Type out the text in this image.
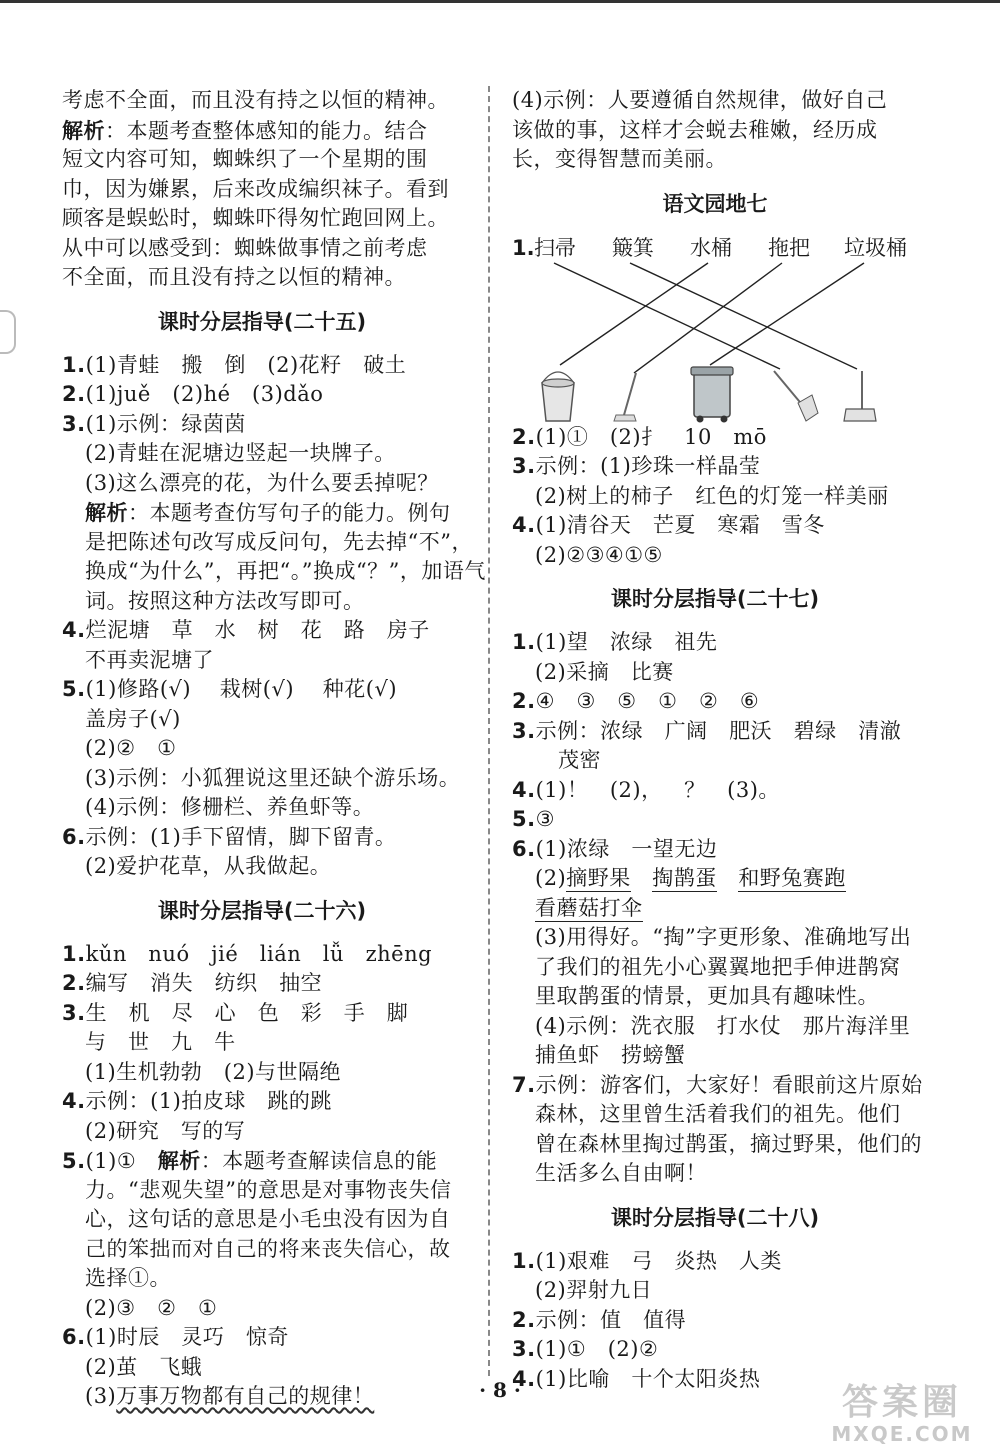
考虑不全面，而且没有持之以恒的精神。
解析：本题考查整体感知的能力。结合
短文内容可知，蜘蛛织了一个星期的围
巾，因为嫌累，后来改成编织袜子。看到
顾客是蜈蚣时，蜘蛛吓得匆忙跑回网上。
从中可以感受到：蜘蛛做事情之前考虑
不全面，而且没有持之以恒的精神。
课时分层指导(二十五)
1.(1)青蛙   搬   倒   (2)花籽   破土
2.(1)juě   (2)hé   (3)dǎo
3.(1)示例：绿茵茵
(2)青蛙在泥塘边竖起一块牌子。
(3)这么漂亮的花，为什么要丢掉呢？
解析：本题考查仿写句子的能力。例句
是把陈述句改写成反问句，先去掉“不”，
换成“为什么”，再把“。”换成“？”，加语气
词。按照这种方法改写即可。
4.烂泥塘   草   水   树   花   路   房子
不再卖泥塘了
5.(1)修路(√)    栽树(√)    种花(√)
盖房子(√)
(2)②   ①
(3)示例：小狐狸说这里还缺个游乐场。
(4)示例：修栅栏、养鱼虾等。
6.示例：(1)手下留情，脚下留青。
(2)爱护花草，从我做起。
课时分层指导(二十六)
1.kǔn   nuó   jié   lián   lǚ   zhēng
2.编写   消失   纺织   抽空
3.生   机   尽   心   色   彩   手   脚
与   世   九   牛
(1)生机勃勃   (2)与世隔绝
4.示例：(1)拍皮球   跳的跳
(2)研究   写的写
5.(1)① 解析：本题考查解读信息的能
力。“悲观失望”的意思是对事物丧失信
心，这句话的意思是小毛虫没有因为自
己的笨拙而对自己的将来丧失信心，故
选择①。
(2)③   ②   ①
6.(1)时辰   灵巧   惊奇
(2)茧   飞蛾
(3)万事万物都有自己的规律！
(4)示例：人要遵循自然规律，做好自己
该做的事，这样才会蜕去稚嫩，经历成
长，变得智慧而美丽。
语文园地七
1. 扫帚 簸箕 水桶 拖把 垃圾桶
2.(1)①   (2)扌   10   mō
3.示例：(1)珍珠一样晶莹
(2)树上的柿子   红色的灯笼一样美丽
4.(1)清谷天   芒夏   寒霜   雪冬
(2)②③④①⑤
课时分层指导(二十七)
1.(1)望   浓绿   祖先
(2)采摘   比赛
2.④   ③   ⑤   ①   ②   ⑥
3.示例：浓绿   广阔   肥沃   碧绿   清澈
茂密
4.(1)！   (2)，   ？   (3)。
5.③
6.(1)浓绿   一望无边
(2)摘野果 掏鹊蛋 和野兔赛跑
看蘑菇打伞
(3)用得好。“掏”字更形象、准确地写出
了我们的祖先小心翼翼地把手伸进鹊窝
里取鹊蛋的情景，更加具有趣味性。
(4)示例：洗衣服   打水仗   那片海洋里
捕鱼虾   捞螃蟹
7.示例：游客们，大家好！看眼前这片原始
森林，这里曾生活着我们的祖先。他们
曾在森林里掏过鹊蛋，摘过野果，他们的
生活多么自由啊！
课时分层指导(二十八)
1.(1)艰难   弓   炎热   人类
(2)羿射九日
2.示例：值   值得
3.(1)①   (2)②
4.(1)比喻   十个太阳炎热
· 8 ·	答案圈
MXQE.COM
